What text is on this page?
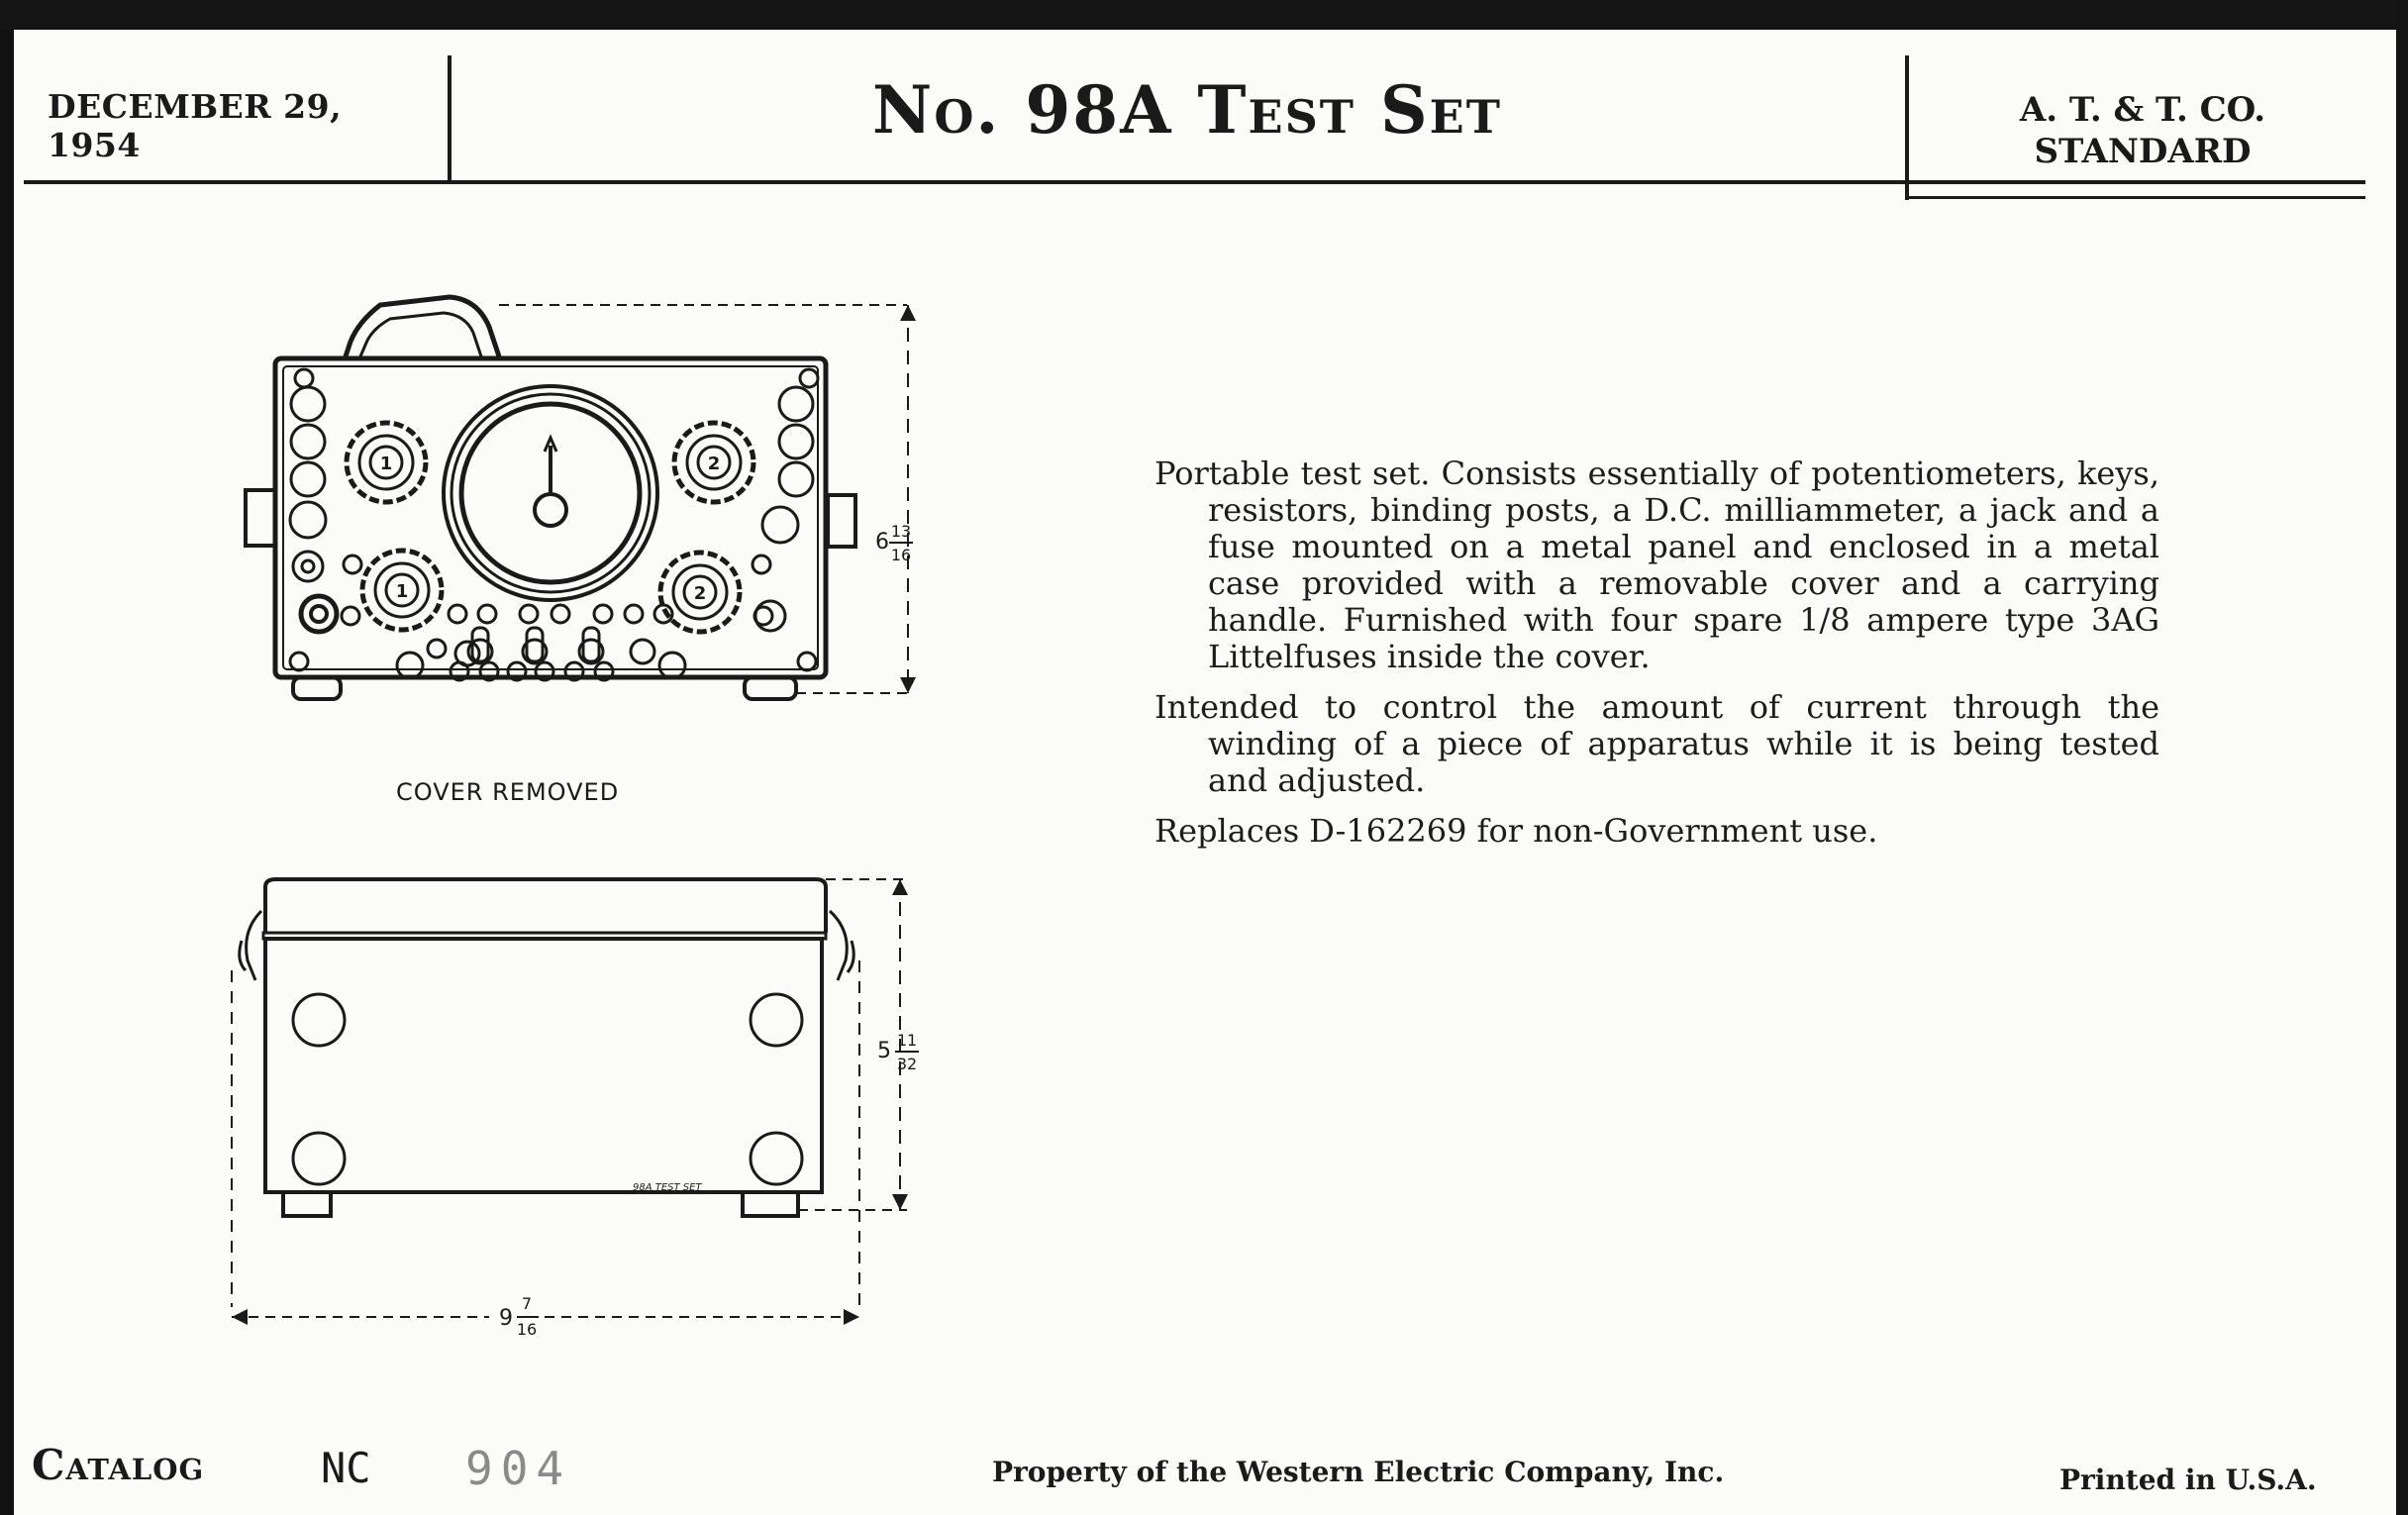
DECEMBER 29, 1954	No. 98A Test Set	A. T. & T. CO.
STANDARD
1	2
1	2
6 13
16
COVER REMOVED
98A TEST SET
5 11
32
9
7
16

Portable test set. Consists essentially of potentiometers, keys, resistors, binding posts, a D.C. milliammeter, a jack and a fuse mounted on a metal panel and enclosed in a metal case provided with a removable cover and a carrying handle. Furnished with four spare 1/8 ampere type 3AG Littelfuses inside the cover.

Intended to control the amount of current through the winding of a piece of apparatus while it is being tested and adjusted.

Replaces D-162269 for non-Government use.

Catalog	NC 904	Property of the Western Electric Company, Inc.	Printed in U.S.A.
